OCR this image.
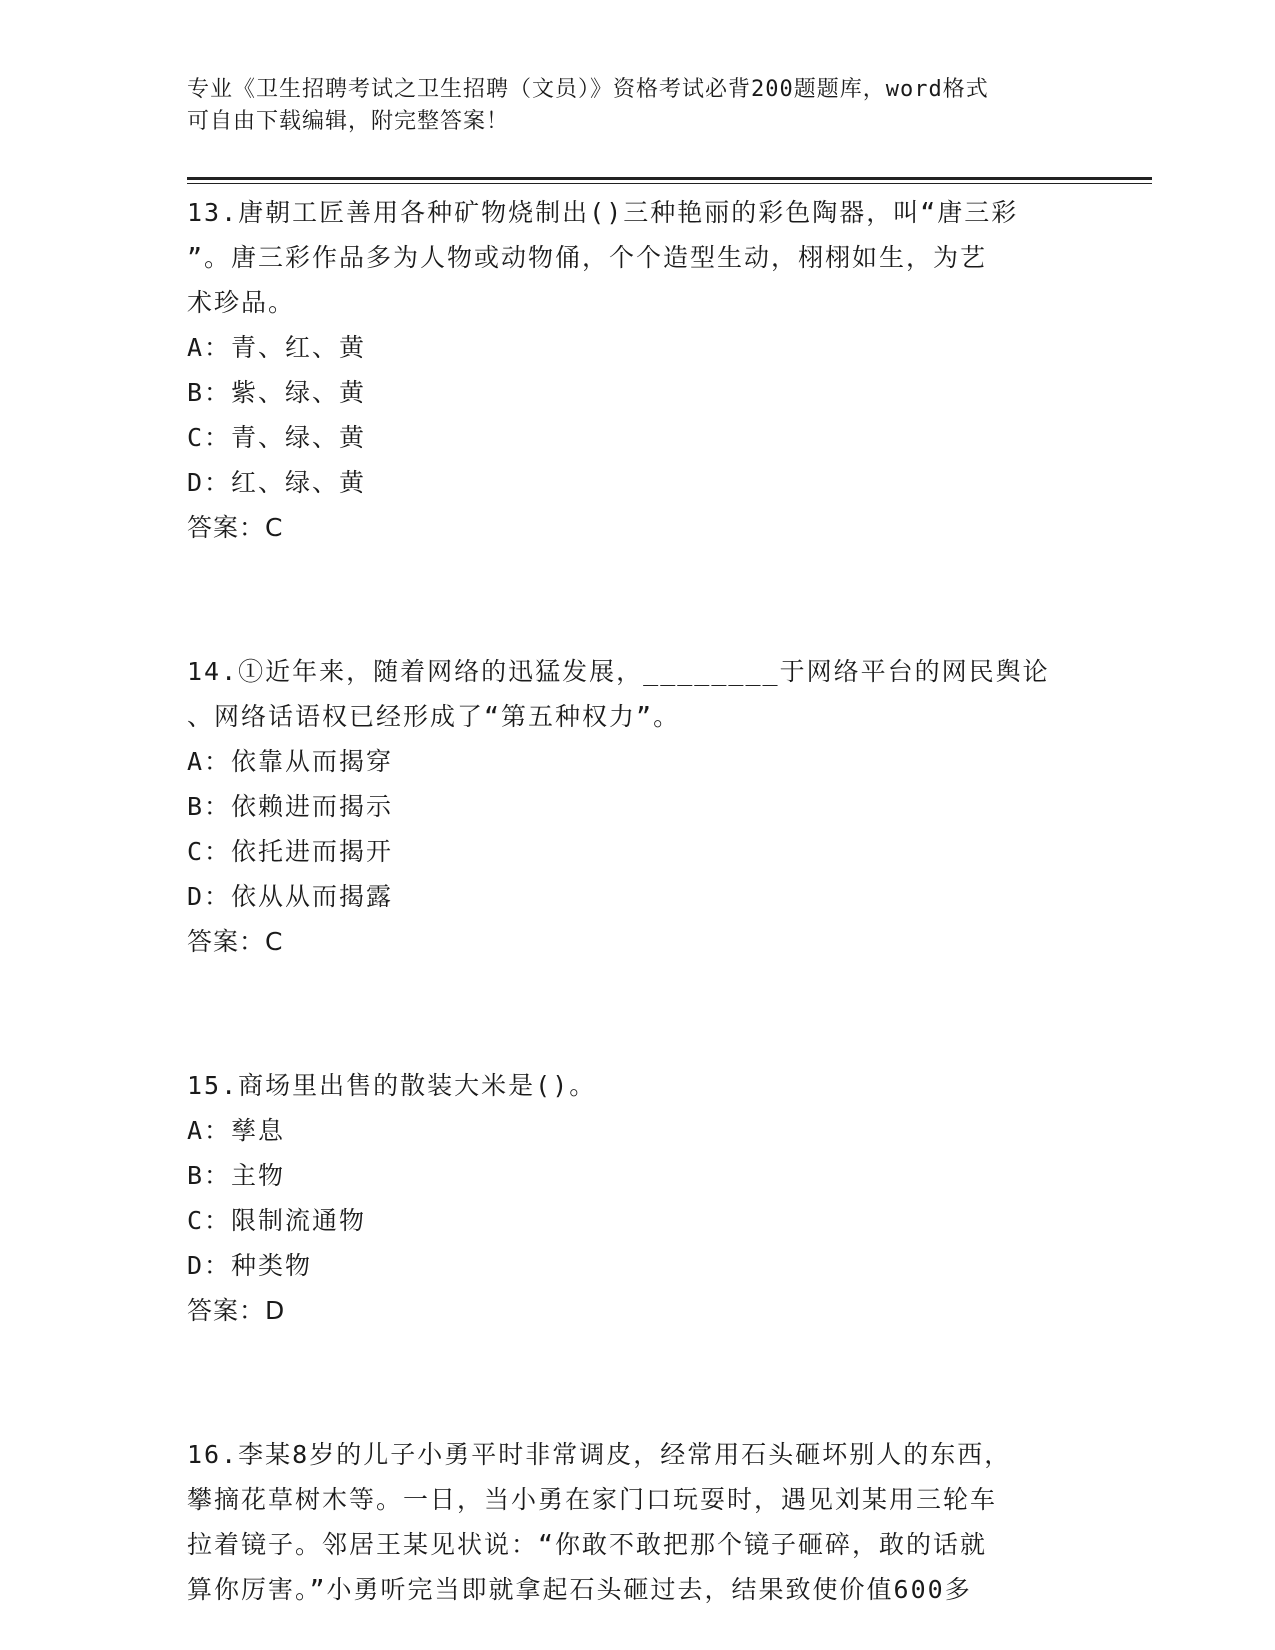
专业《卫生招聘考试之卫生招聘（文员）》资格考试必背200题题库，word格式
可自由下载编辑，附完整答案！
13.唐朝工匠善用各种矿物烧制出()三种艳丽的彩色陶器，叫“唐三彩
”。唐三彩作品多为人物或动物俑，个个造型生动，栩栩如生，为艺
术珍品。
A：青、红、黄
B：紫、绿、黄
C：青、绿、黄
D：红、绿、黄
答案：C
14.①近年来，随着网络的迅猛发展，________于网络平台的网民舆论
、网络话语权已经形成了“第五种权力”。
A：依靠从而揭穿
B：依赖进而揭示
C：依托进而揭开
D：依从从而揭露
答案：C
15.商场里出售的散装大米是()。
A：孳息
B：主物
C：限制流通物
D：种类物
答案：D
16.李某8岁的儿子小勇平时非常调皮，经常用石头砸坏别人的东西，
攀摘花草树木等。一日，当小勇在家门口玩耍时，遇见刘某用三轮车
拉着镜子。邻居王某见状说：“你敢不敢把那个镜子砸碎，敢的话就
算你厉害。”小勇听完当即就拿起石头砸过去，结果致使价值600多
